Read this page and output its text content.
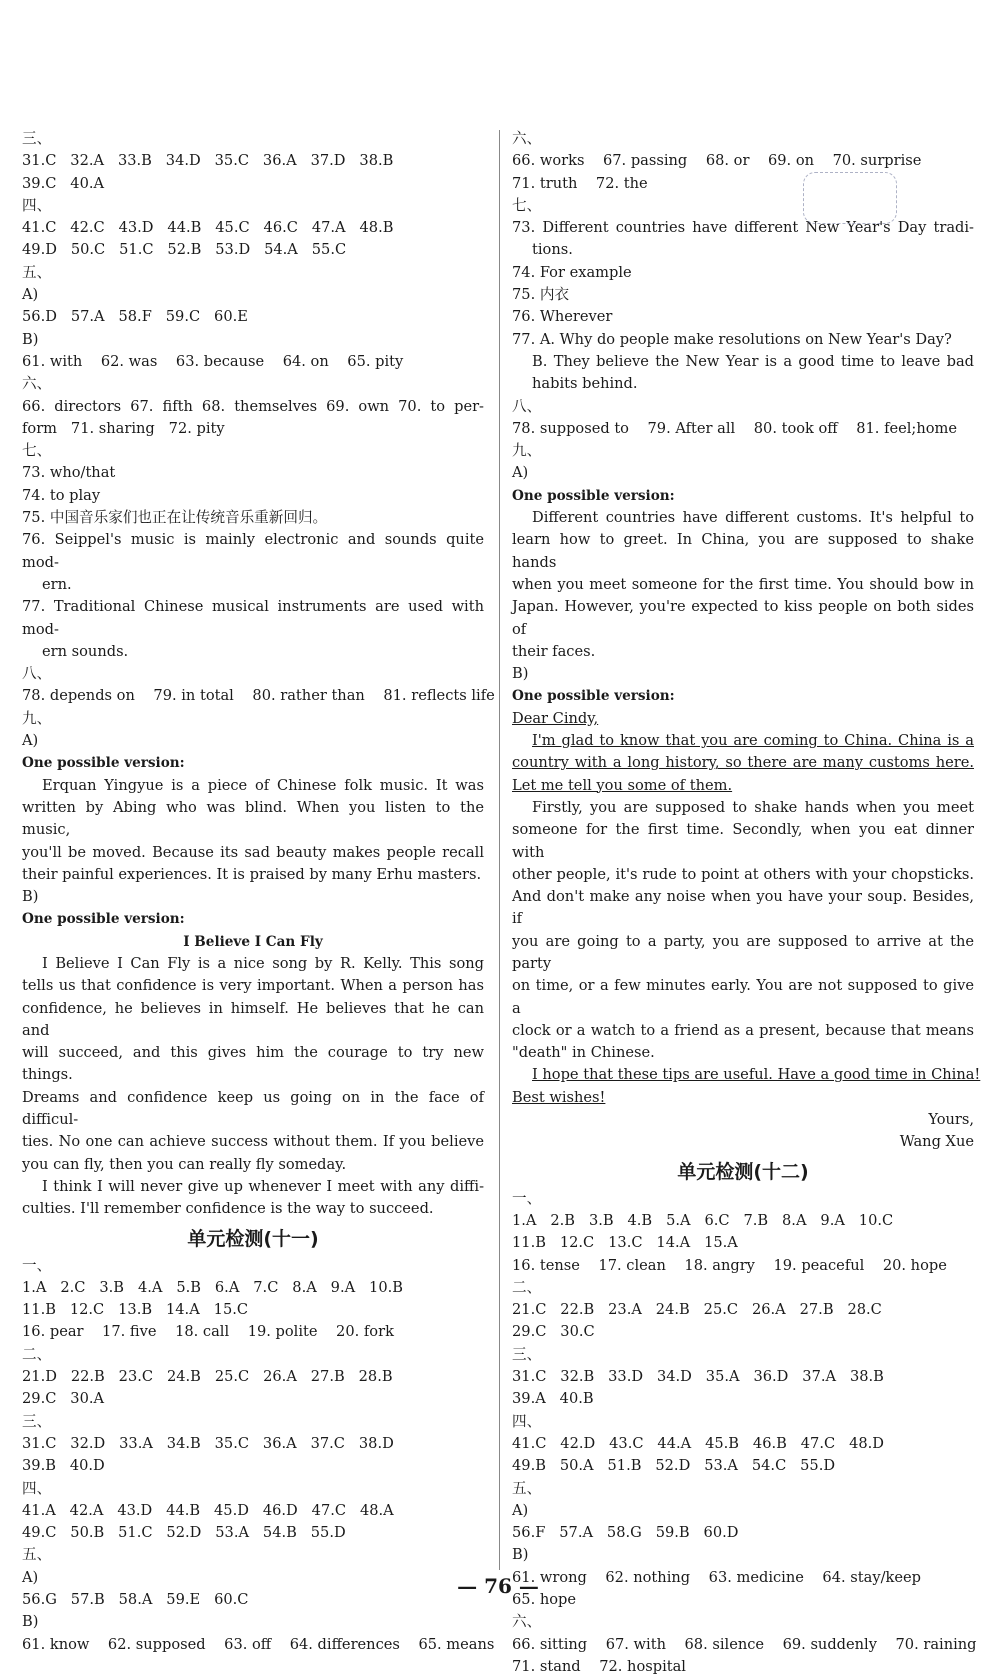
三、
31.C   32.A   33.B   34.D   35.C   36.A   37.D   38.B
39.C   40.A
四、
41.C   42.C   43.D   44.B   45.C   46.C   47.A   48.B
49.D   50.C   51.C   52.B   53.D   54.A   55.C
五、
A)
56.D   57.A   58.F   59.C   60.E
B)
61. with    62. was    63. because    64. on    65. pity
六、
66. directors 67. fifth 68. themselves 69. own 70. to per-
form   71. sharing   72. pity
七、
73. who/that
74. to play
75. 中国音乐家们也正在让传统音乐重新回归。
76. Seippel's music is mainly electronic and sounds quite mod-
ern.
77. Traditional Chinese musical instruments are used with mod-
ern sounds.
八、
78. depends on    79. in total    80. rather than    81. reflects life
九、
A)
One possible version:
Erquan Yingyue is a piece of Chinese folk music. It was
written by Abing who was blind. When you listen to the music,
you'll be moved. Because its sad beauty makes people recall
their painful experiences. It is praised by many Erhu masters.
B)
One possible version:
I Believe I Can Fly
I Believe I Can Fly is a nice song by R. Kelly. This song
tells us that confidence is very important. When a person has
confidence, he believes in himself. He believes that he can and
will succeed, and this gives him the courage to try new things.
Dreams and confidence keep us going on in the face of difficul-
ties. No one can achieve success without them. If you believe
you can fly, then you can really fly someday.
I think I will never give up whenever I meet with any diffi-
culties. I'll remember confidence is the way to succeed.
单元检测(十一)
一、
1.A   2.C   3.B   4.A   5.B   6.A   7.C   8.A   9.A   10.B
11.B   12.C   13.B   14.A   15.C
16. pear    17. five    18. call    19. polite    20. fork
二、
21.D   22.B   23.C   24.B   25.C   26.A   27.B   28.B
29.C   30.A
三、
31.C   32.D   33.A   34.B   35.C   36.A   37.C   38.D
39.B   40.D
四、
41.A   42.A   43.D   44.B   45.D   46.D   47.C   48.A
49.C   50.B   51.C   52.D   53.A   54.B   55.D
五、
A)
56.G   57.B   58.A   59.E   60.C
B)
61. know    62. supposed    63. off    64. differences    65. means
六、
66. works    67. passing    68. or    69. on    70. surprise
71. truth    72. the
七、
73. Different countries have different New Year's Day tradi-
tions.
74. For example
75. 内衣
76. Wherever
77. A. Why do people make resolutions on New Year's Day?
B. They believe the New Year is a good time to leave bad
habits behind.
八、
78. supposed to    79. After all    80. took off    81. feel;home
九、
A)
One possible version:
Different countries have different customs. It's helpful to
learn how to greet. In China, you are supposed to shake hands
when you meet someone for the first time. You should bow in
Japan. However, you're expected to kiss people on both sides of
their faces.
B)
One possible version:
Dear Cindy,
I'm glad to know that you are coming to China. China is a
country with a long history, so there are many customs here.
Let me tell you some of them.
Firstly, you are supposed to shake hands when you meet
someone for the first time. Secondly, when you eat dinner with
other people, it's rude to point at others with your chopsticks.
And don't make any noise when you have your soup. Besides, if
you are going to a party, you are supposed to arrive at the party
on time, or a few minutes early. You are not supposed to give a
clock or a watch to a friend as a present, because that means
"death" in Chinese.
I hope that these tips are useful. Have a good time in China!
Best wishes!
Yours,
Wang Xue
单元检测(十二)
一、
1.A   2.B   3.B   4.B   5.A   6.C   7.B   8.A   9.A   10.C
11.B   12.C   13.C   14.A   15.A
16. tense    17. clean    18. angry    19. peaceful    20. hope
二、
21.C   22.B   23.A   24.B   25.C   26.A   27.B   28.C
29.C   30.C
三、
31.C   32.B   33.D   34.D   35.A   36.D   37.A   38.B
39.A   40.B
四、
41.C   42.D   43.C   44.A   45.B   46.B   47.C   48.D
49.B   50.A   51.B   52.D   53.A   54.C   55.D
五、
A)
56.F   57.A   58.G   59.B   60.D
B)
61. wrong    62. nothing    63. medicine    64. stay/keep
65. hope
六、
66. sitting    67. with    68. silence    69. suddenly    70. raining
71. stand    72. hospital
— 76 —
